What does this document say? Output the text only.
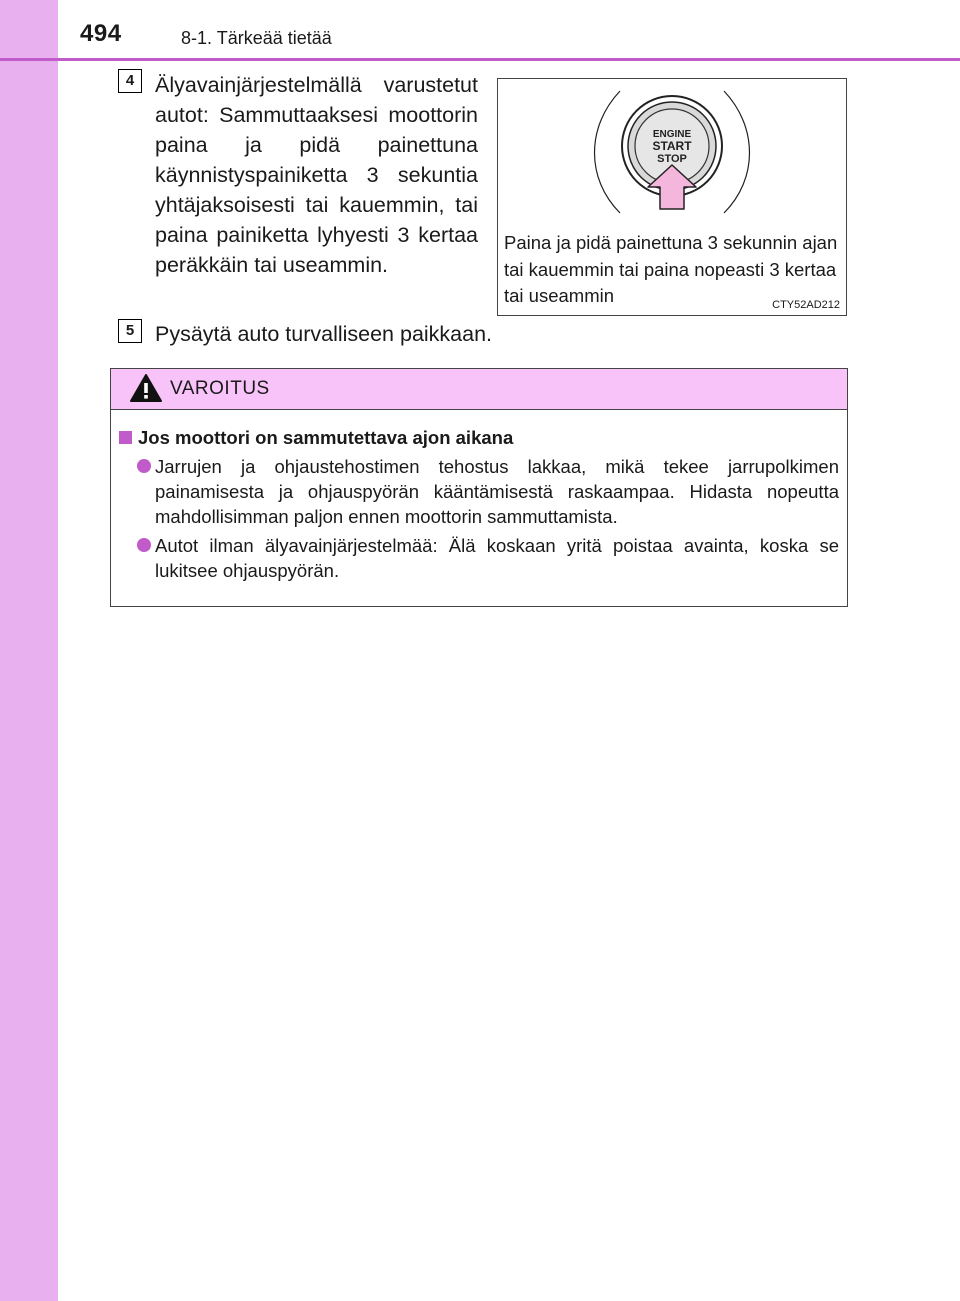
494	8-1. Tärkeää tietää
4 Älyavainjärjestelmällä varustetut autot: Sammuttaaksesi moottorin paina ja pidä painettuna käynnistyspainiketta 3 sekuntia yhtäjaksoisesti tai kauemmin, tai paina painiketta lyhyesti 3 kertaa peräkkäin tai useammin.

ENGINE
START
STOP

Paina ja pidä painettuna 3 sekunnin ajan tai kauemmin tai paina nopeasti 3 kertaa tai useammin	CTY52AD212
5 Pysäytä auto turvalliseen paikkaan.

VAROITUS
Jos moottori on sammutettava ajon aikana

Jarrujen ja ohjaustehostimen tehostus lakkaa, mikä tekee jarrupolkimen painamisesta ja ohjauspyörän kääntämisestä raskaampaa. Hidasta nopeutta mahdollisimman paljon ennen moottorin sammuttamista.

Autot ilman älyavainjärjestelmää: Älä koskaan yritä poistaa avainta, koska se lukitsee ohjauspyörän.
